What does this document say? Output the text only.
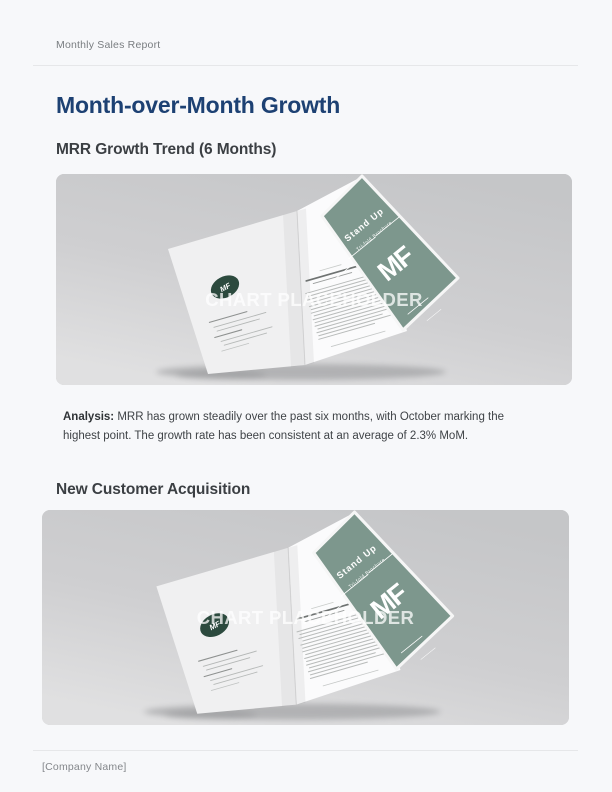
Monthly Sales Report
Month-over-Month Growth
MRR Growth Trend (6 Months)
CHART PLACEHOLDER

Analysis: MRR has grown steadily over the past six months, with October marking the highest point. The growth rate has been consistent at an average of 2.3% MoM.

New Customer Acquisition
CHART PLACEHOLDER
[Company Name]
